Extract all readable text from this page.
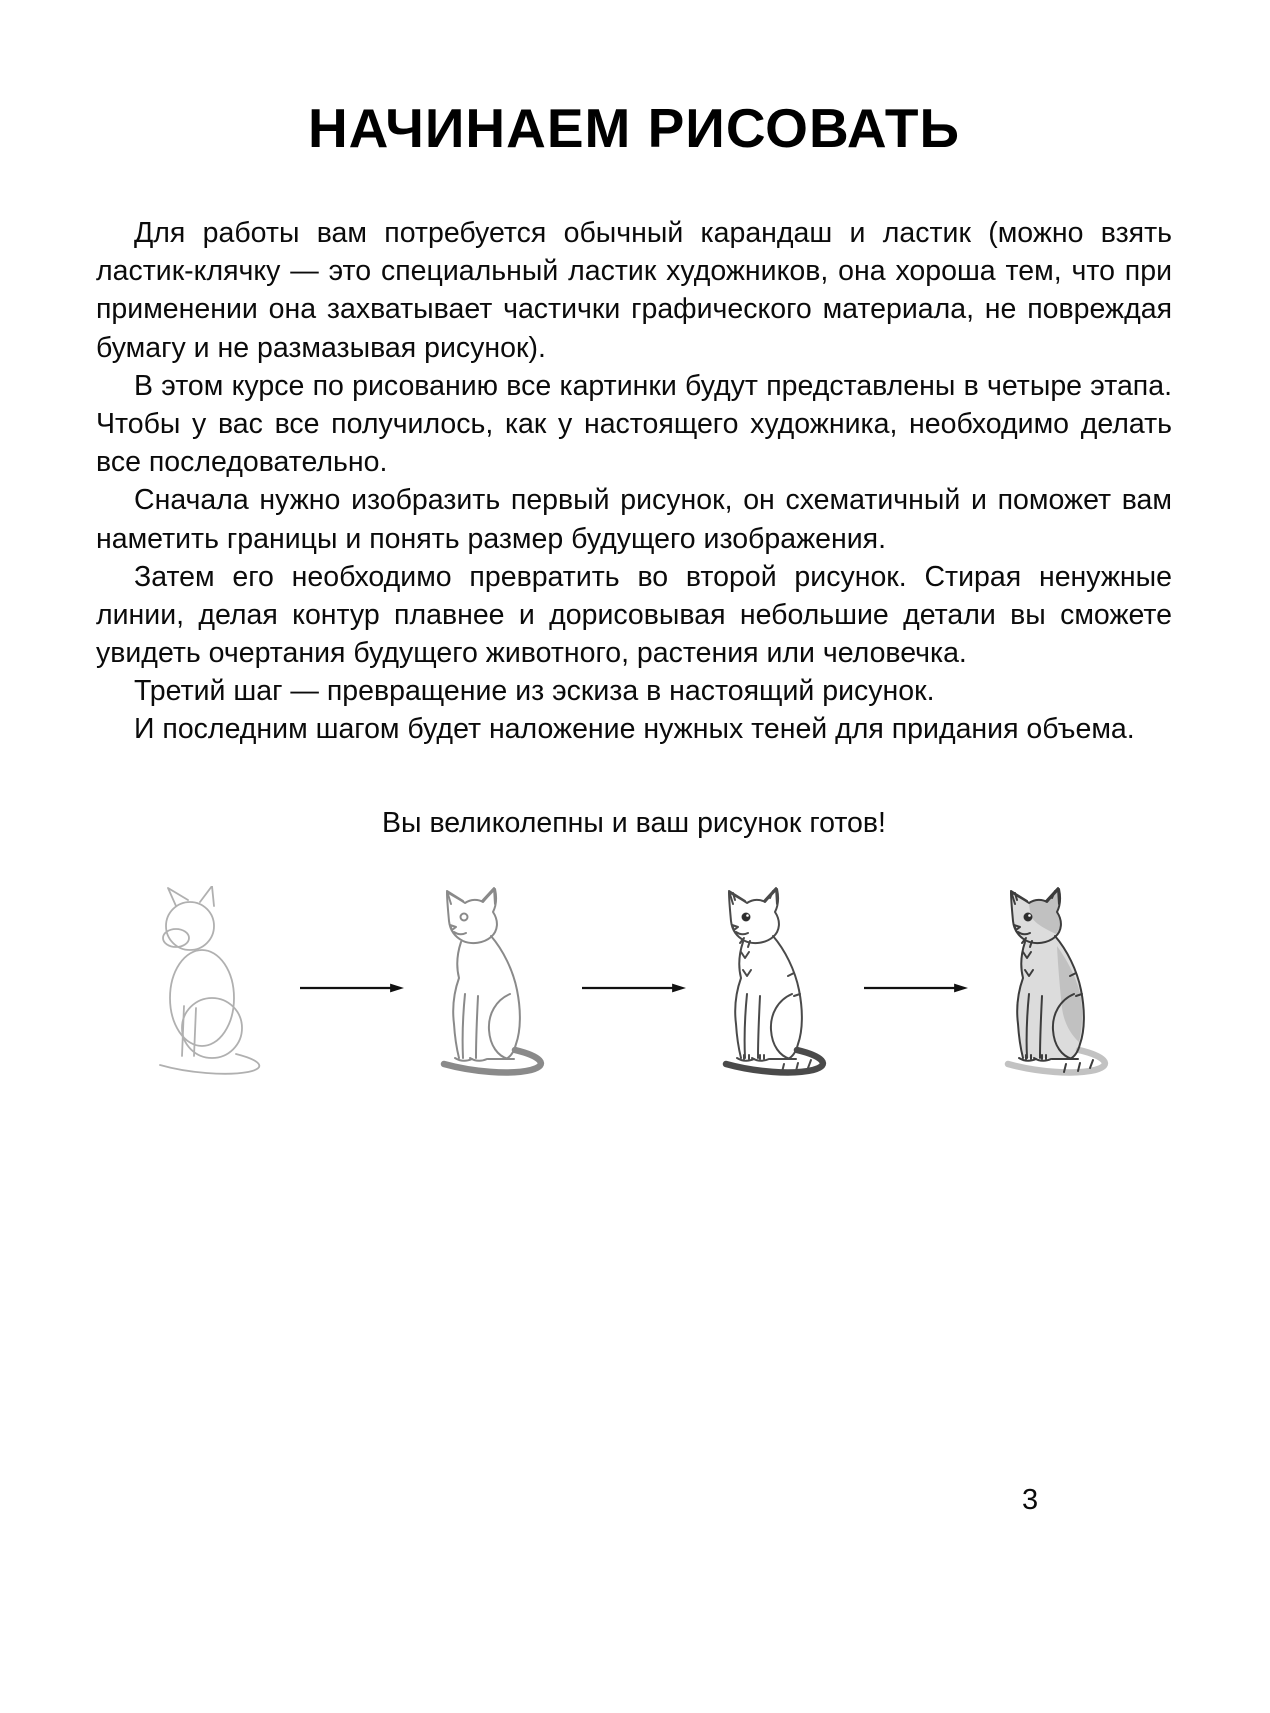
НАЧИНАЕМ РИСОВАТЬ

Для работы вам потребуется обычный карандаш и ластик (можно взять ластик-клячку — это специальный ластик художников, она хороша тем, что при применении она захватывает частички графического материала, не повреждая бумагу и не размазывая рисунок).

В этом курсе по рисованию все картинки будут представлены в четыре этапа. Чтобы у вас все получилось, как у настоящего художника, необходимо делать все последовательно.

Сначала нужно изобразить первый рисунок, он схематичный и поможет вам наметить границы и понять размер будущего изображения.

Затем его необходимо превратить во второй рисунок. Стирая ненужные линии, делая контур плавнее и дорисовывая небольшие детали вы сможете увидеть очертания будущего животного, растения или человечка.

Третий шаг — превращение из эскиза в настоящий рисунок.

И последним шагом будет наложение нужных теней для придания объема.

Вы великолепны и ваш рисунок готов!

3
